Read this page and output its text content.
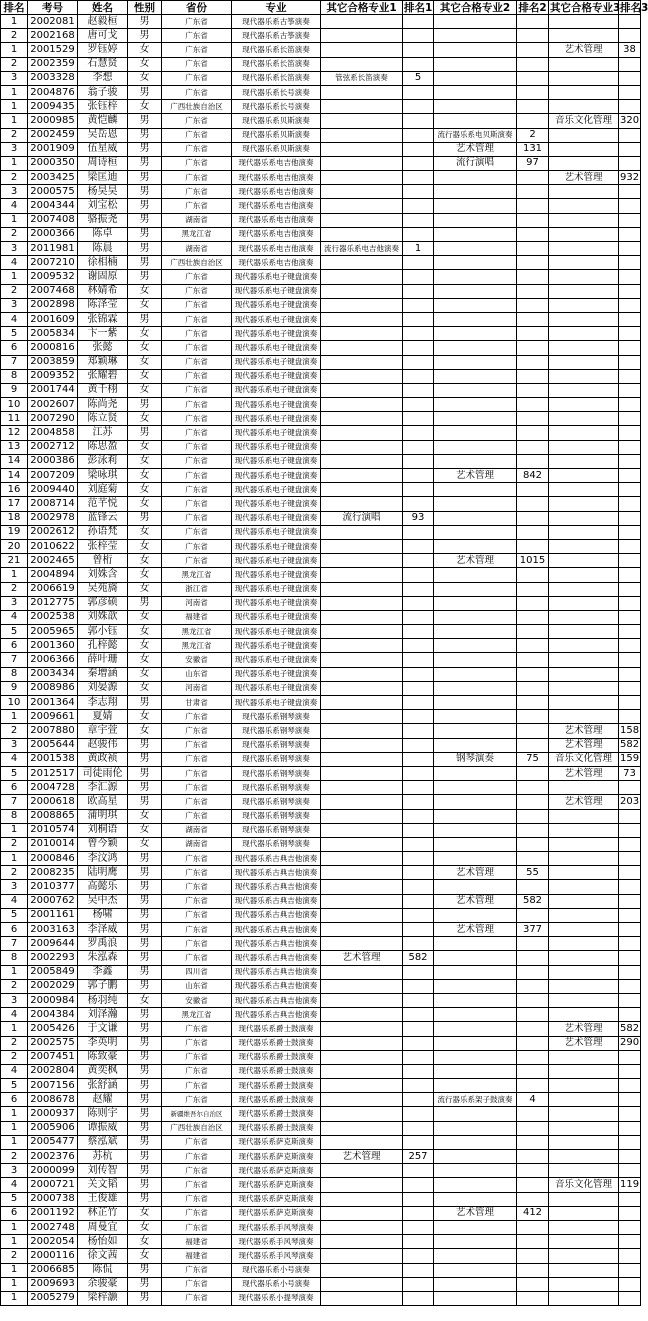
排名	考号	姓名	性别	省份	专业	其它合格专业1	排名1	其它合格专业2	排名2	其它合格专业3	排名3
1	2002081	赵毅桓	男	广东省	现代器乐系古筝演奏						
2	2002168	唐可戈	男	广东省	现代器乐系古筝演奏						
1	2001529	罗钰婷	女	广东省	现代器乐系长笛演奏					艺术管理	38
2	2002359	石慧贤	女	广东省	现代器乐系长笛演奏						
3	2003328	李想	女	广东省	现代器乐系长笛演奏	管弦系长笛演奏	5				
1	2004876	翁子骏	男	广东省	现代器乐系长号演奏						
1	2009435	张钰梓	女	广西壮族自治区	现代器乐系长号演奏						
1	2000985	黄恺麟	男	广东省	现代器乐系贝斯演奏					音乐文化管理	320
2	2002459	吴岳恩	男	广东省	现代器乐系贝斯演奏			流行器乐系电贝斯演奏	2		
3	2001909	伍星威	男	广东省	现代器乐系贝斯演奏			艺术管理	131		
1	2000350	周诗桓	男	广东省	现代器乐系电吉他演奏			流行演唱	97		
2	2003425	梁匡迪	男	广东省	现代器乐系电吉他演奏					艺术管理	932
3	2000575	杨昊昊	男	广东省	现代器乐系电吉他演奏						
4	2004344	刘宝松	男	广东省	现代器乐系电吉他演奏						
1	2007408	骆振尧	男	湖南省	现代器乐系电吉他演奏						
2	2000366	陈卓	男	黑龙江省	现代器乐系电吉他演奏						
3	2011981	陈晨	男	湖南省	现代器乐系电吉他演奏	流行器乐系电吉他演奏	1				
4	2007210	徐相楠	男	广西壮族自治区	现代器乐系电吉他演奏						
1	2009532	谢固原	男	广东省	现代器乐系电子键盘演奏						
2	2007468	林婧希	女	广东省	现代器乐系电子键盘演奏						
3	2002898	陈泽莹	女	广东省	现代器乐系电子键盘演奏						
4	2001609	张锦霖	男	广东省	现代器乐系电子键盘演奏						
5	2005834	卞一紫	女	广东省	现代器乐系电子键盘演奏						
6	2000816	张懿	女	广东省	现代器乐系电子键盘演奏						
7	2003859	郑颖琳	女	广东省	现代器乐系电子键盘演奏						
8	2009352	张耀碧	女	广东省	现代器乐系电子键盘演奏						
9	2001744	黄千栩	女	广东省	现代器乐系电子键盘演奏						
10	2002607	陈尚尧	男	广东省	现代器乐系电子键盘演奏						
11	2007290	陈立贤	女	广东省	现代器乐系电子键盘演奏						
12	2004858	江苏	男	广东省	现代器乐系电子键盘演奏						
13	2002712	陈思盈	女	广东省	现代器乐系电子键盘演奏						
14	2000386	彭泳莉	女	广东省	现代器乐系电子键盘演奏						
14	2007209	梁咏琪	女	广东省	现代器乐系电子键盘演奏			艺术管理	842		
16	2009440	刘庭菊	女	广东省	现代器乐系电子键盘演奏						
17	2008714	范芊悦	女	广东省	现代器乐系电子键盘演奏						
18	2002978	蓝锋云	男	广东省	现代器乐系电子键盘演奏	流行演唱	93				
19	2002612	孙语梵	女	广东省	现代器乐系电子键盘演奏						
20	2010622	张梓莹	女	广东省	现代器乐系电子键盘演奏						
21	2002465	曾桁	女	广东省	现代器乐系电子键盘演奏			艺术管理	1015		
1	2004894	刘姝含	女	黑龙江省	现代器乐系电子键盘演奏						
2	2006619	吴苑旖	女	浙江省	现代器乐系电子键盘演奏						
3	2012775	郭彦硕	男	河南省	现代器乐系电子键盘演奏						
4	2002538	刘姝歆	女	福建省	现代器乐系电子键盘演奏						
5	2005965	郭小钰	女	黑龙江省	现代器乐系电子键盘演奏						
6	2001360	孔梓懿	女	黑龙江省	现代器乐系电子键盘演奏						
7	2006366	薛叶珊	女	安徽省	现代器乐系电子键盘演奏						
8	2003434	秦增涵	女	山东省	现代器乐系电子键盘演奏						
9	2008986	刘晏源	女	河南省	现代器乐系电子键盘演奏						
10	2001364	李志翔	男	甘肃省	现代器乐系电子键盘演奏						
1	2009661	夏婧	女	广东省	现代器乐系钢琴演奏						
2	2007880	章宇萱	女	广东省	现代器乐系钢琴演奏					艺术管理	158
3	2005644	赵骏伟	男	广东省	现代器乐系钢琴演奏					艺术管理	582
4	2001538	黄政祯	男	广东省	现代器乐系钢琴演奏			钢琴演奏	75	音乐文化管理	159
5	2012517	司徒雨伦	男	广东省	现代器乐系钢琴演奏					艺术管理	73
6	2004728	李汇源	男	广东省	现代器乐系钢琴演奏						
7	2000618	欧高星	男	广东省	现代器乐系钢琴演奏					艺术管理	203
8	2008865	蒲明琪	女	广东省	现代器乐系钢琴演奏						
1	2010574	刘桐语	女	湖南省	现代器乐系钢琴演奏						
2	2010014	曾今颖	女	湖南省	现代器乐系钢琴演奏						
1	2000846	李汶鸿	男	广东省	现代器乐系古典吉他演奏						
2	2008235	陆明鹰	男	广东省	现代器乐系古典吉他演奏			艺术管理	55		
3	2010377	高懿乐	男	广东省	现代器乐系古典吉他演奏						
4	2000762	吴中杰	男	广东省	现代器乐系古典吉他演奏			艺术管理	582		
5	2001161	杨啸	男	广东省	现代器乐系古典吉他演奏						
6	2003163	李泽威	男	广东省	现代器乐系古典吉他演奏			艺术管理	377		
7	2009644	罗禹浪	男	广东省	现代器乐系古典吉他演奏						
8	2002293	朱泓森	男	广东省	现代器乐系古典吉他演奏	艺术管理	582				
1	2005849	李鑫	男	四川省	现代器乐系古典吉他演奏						
2	2002029	郭子鹏	男	山东省	现代器乐系古典吉他演奏						
3	2000984	杨羽纯	女	安徽省	现代器乐系古典吉他演奏						
4	2004384	刘泽瀚	男	黑龙江省	现代器乐系古典吉他演奏						
1	2005426	于文谦	男	广东省	现代器乐系爵士鼓演奏					艺术管理	582
2	2002575	李英明	男	广东省	现代器乐系爵士鼓演奏					艺术管理	290
2	2007451	陈致豪	男	广东省	现代器乐系爵士鼓演奏						
4	2002804	黄奕枫	男	广东省	现代器乐系爵士鼓演奏						
5	2007156	张舒涵	男	广东省	现代器乐系爵士鼓演奏						
6	2008678	赵耀	男	广东省	现代器乐系爵士鼓演奏			流行器乐系架子鼓演奏	4		
1	2000937	陈则宇	男	新疆维吾尔自治区	现代器乐系爵士鼓演奏						
1	2005906	谭振威	男	广西壮族自治区	现代器乐系爵士鼓演奏						
1	2005477	蔡泓斌	男	广东省	现代器乐系萨克斯演奏						
2	2002376	苏杭	男	广东省	现代器乐系萨克斯演奏	艺术管理	257				
3	2000099	刘传智	男	广东省	现代器乐系萨克斯演奏						
4	2000721	关文韬	男	广东省	现代器乐系萨克斯演奏					音乐文化管理	119
5	2000738	王俊雄	男	广东省	现代器乐系萨克斯演奏						
6	2001192	林芷竹	女	广东省	现代器乐系萨克斯演奏			艺术管理	412		
1	2002748	周曼宜	女	广东省	现代器乐系手风琴演奏						
1	2002054	杨怡如	女	福建省	现代器乐系手风琴演奏						
2	2000116	徐文茜	女	福建省	现代器乐系手风琴演奏						
1	2006685	陈侃	男	广东省	现代器乐系小号演奏						
1	2009693	余骏豪	男	广东省	现代器乐系小号演奏						
1	2005279	梁梓灏	男	广东省	现代器乐系小提琴演奏						
